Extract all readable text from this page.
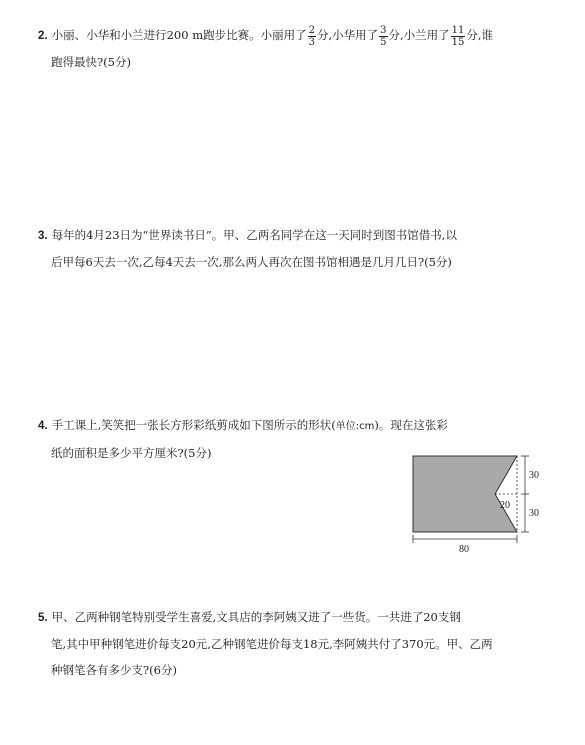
2. 小丽、小华和小兰进行200 m跑步比赛。小丽用了 $\frac{2}{3}$ 分,小华用了 $\frac{3}{5}$ 分,小兰用了 $\frac{11}{15}$ 分,谁
跑得最快?(5分)
3. 每年的4月23日为“世界读书日”。甲、乙两名同学在这一天同时到图书馆借书,以
后甲每6天去一次,乙每4天去一次,那么两人再次在图书馆相遇是几月几日?(5分)
4. 手工课上,笑笑把一张长方形彩纸剪成如下图所示的形状(单位:cm)。现在这张彩
纸的面积是多少平方厘米?(5分)
30
30
20
80
5. 甲、乙两种钢笔特别受学生喜爱,文具店的李阿姨又进了一些货。一共进了20支钢
笔,其中甲种钢笔进价每支20元,乙种钢笔进价每支18元,李阿姨共付了370元。甲、乙两
种钢笔各有多少支?(6分)
